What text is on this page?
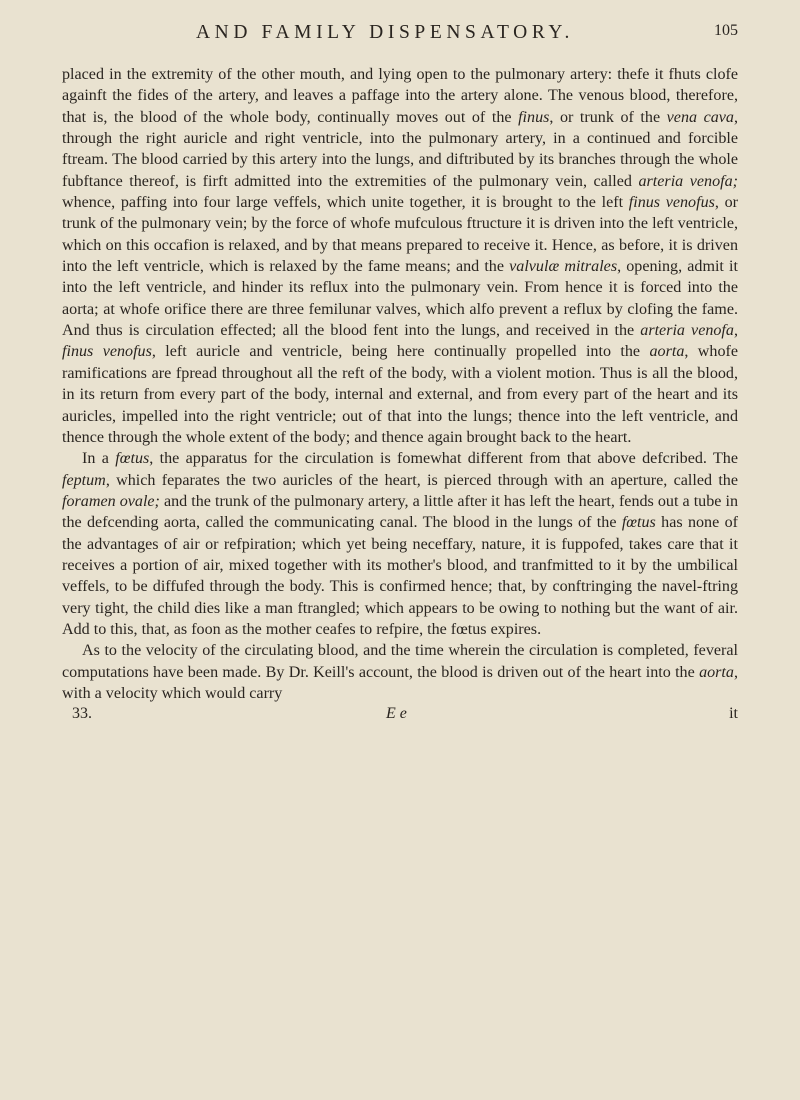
AND FAMILY DISPENSATORY.	105

placed in the extremity of the other mouth, and lying open to the pulmonary artery: thefe it fhuts clofe againft the fides of the artery, and leaves a paffage into the artery alone. The venous blood, therefore, that is, the blood of the whole body, continually moves out of the finus, or trunk of the vena cava, through the right auricle and right ventricle, into the pulmonary artery, in a continued and forcible ftream. The blood carried by this artery into the lungs, and diftributed by its branches through the whole fubftance thereof, is firft admitted into the extremities of the pulmonary vein, called arteria venofa; whence, paffing into four large veffels, which unite together, it is brought to the left finus venofus, or trunk of the pulmonary vein; by the force of whofe mufculous ftructure it is driven into the left ventricle, which on this occafion is relaxed, and by that means prepared to receive it. Hence, as before, it is driven into the left ventricle, which is relaxed by the fame means; and the valvulæ mitrales, opening, admit it into the left ventricle, and hinder its reflux into the pulmonary vein. From hence it is forced into the aorta; at whofe orifice there are three femilunar valves, which alfo prevent a reflux by clofing the fame. And thus is circulation effected; all the blood fent into the lungs, and received in the arteria venofa, finus venofus, left auricle and ventricle, being here continually propelled into the aorta, whofe ramifications are fpread throughout all the reft of the body, with a violent motion. Thus is all the blood, in its return from every part of the body, internal and external, and from every part of the heart and its auricles, impelled into the right ventricle; out of that into the lungs; thence into the left ventricle, and thence through the whole extent of the body; and thence again brought back to the heart.

In a fœtus, the apparatus for the circulation is fomewhat different from that above defcribed. The feptum, which feparates the two auricles of the heart, is pierced through with an aperture, called the foramen ovale; and the trunk of the pulmonary artery, a little after it has left the heart, fends out a tube in the defcending aorta, called the communicating canal. The blood in the lungs of the fœtus has none of the advantages of air or refpiration; which yet being neceffary, nature, it is fuppofed, takes care that it receives a portion of air, mixed together with its mother's blood, and tranfmitted to it by the umbilical veffels, to be diffufed through the body. This is confirmed hence; that, by conftringing the navel-ftring very tight, the child dies like a man ftrangled; which appears to be owing to nothing but the want of air. Add to this, that, as foon as the mother ceafes to refpire, the fœtus expires.

As to the velocity of the circulating blood, and the time wherein the circulation is completed, feveral computations have been made. By Dr. Keill's account, the blood is driven out of the heart into the aorta, with a velocity which would carry

33.	E e	it
